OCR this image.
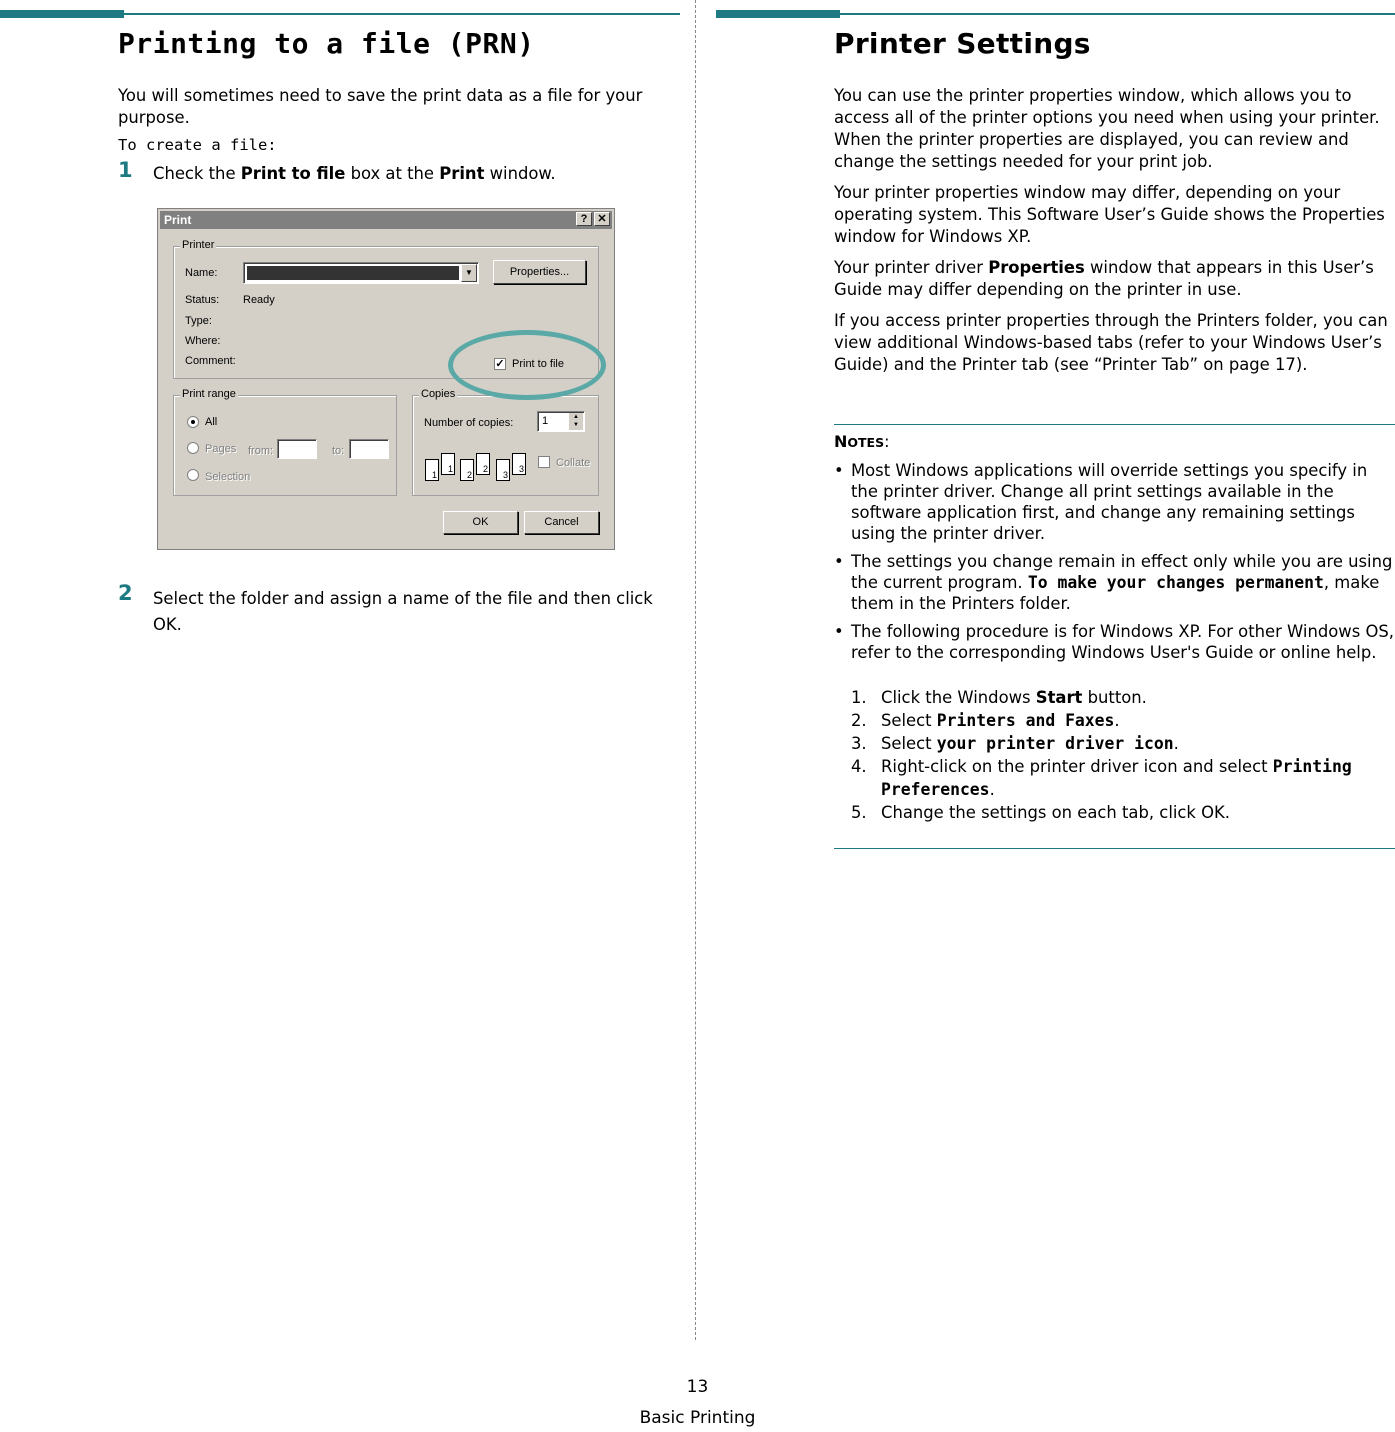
Printing to a file (PRN)

You will sometimes need to save the print data as a file for your purpose.

To create a file:

1 Check the Print to file box at the Print window.

Print	? ✕
Printer
Name:	▼	Properties...
Status: Ready
Type:
Where:
Comment:	✓ Print to file
Print range
All
Pages from:	to:
Selection
Copies
Number of copies:	1	▲
▼
1
1
2
2
3
3
Collate
OK	Cancel
2 Select the folder and assign a name of the file and then click OK.

Printer Settings

You can use the printer properties window, which allows you to access all of the printer options you need when using your printer. When the printer properties are displayed, you can review and change the settings needed for your print job.

Your printer properties window may differ, depending on your operating system. This Software User’s Guide shows the Properties window for Windows XP.

Your printer driver Properties window that appears in this User’s Guide may differ depending on the printer in use.

If you access printer properties through the Printers folder, you can view additional Windows-based tabs (refer to your Windows User’s Guide) and the Printer tab (see “Printer Tab” on page 17).

NOTES:
• Most Windows applications will override settings you specify in the printer driver. Change all print settings available in the software application first, and change any remaining settings using the printer driver.
• The settings you change remain in effect only while you are using the current program. To make your changes permanent, make them in the Printers folder.
• The following procedure is for Windows XP. For other Windows OS, refer to the corresponding Windows User's Guide or online help.
1. Click the Windows Start button.
2. Select Printers and Faxes.
3. Select your printer driver icon.
4. Right-click on the printer driver icon and select Printing Preferences.
5. Change the settings on each tab, click OK.
13
Basic Printing
